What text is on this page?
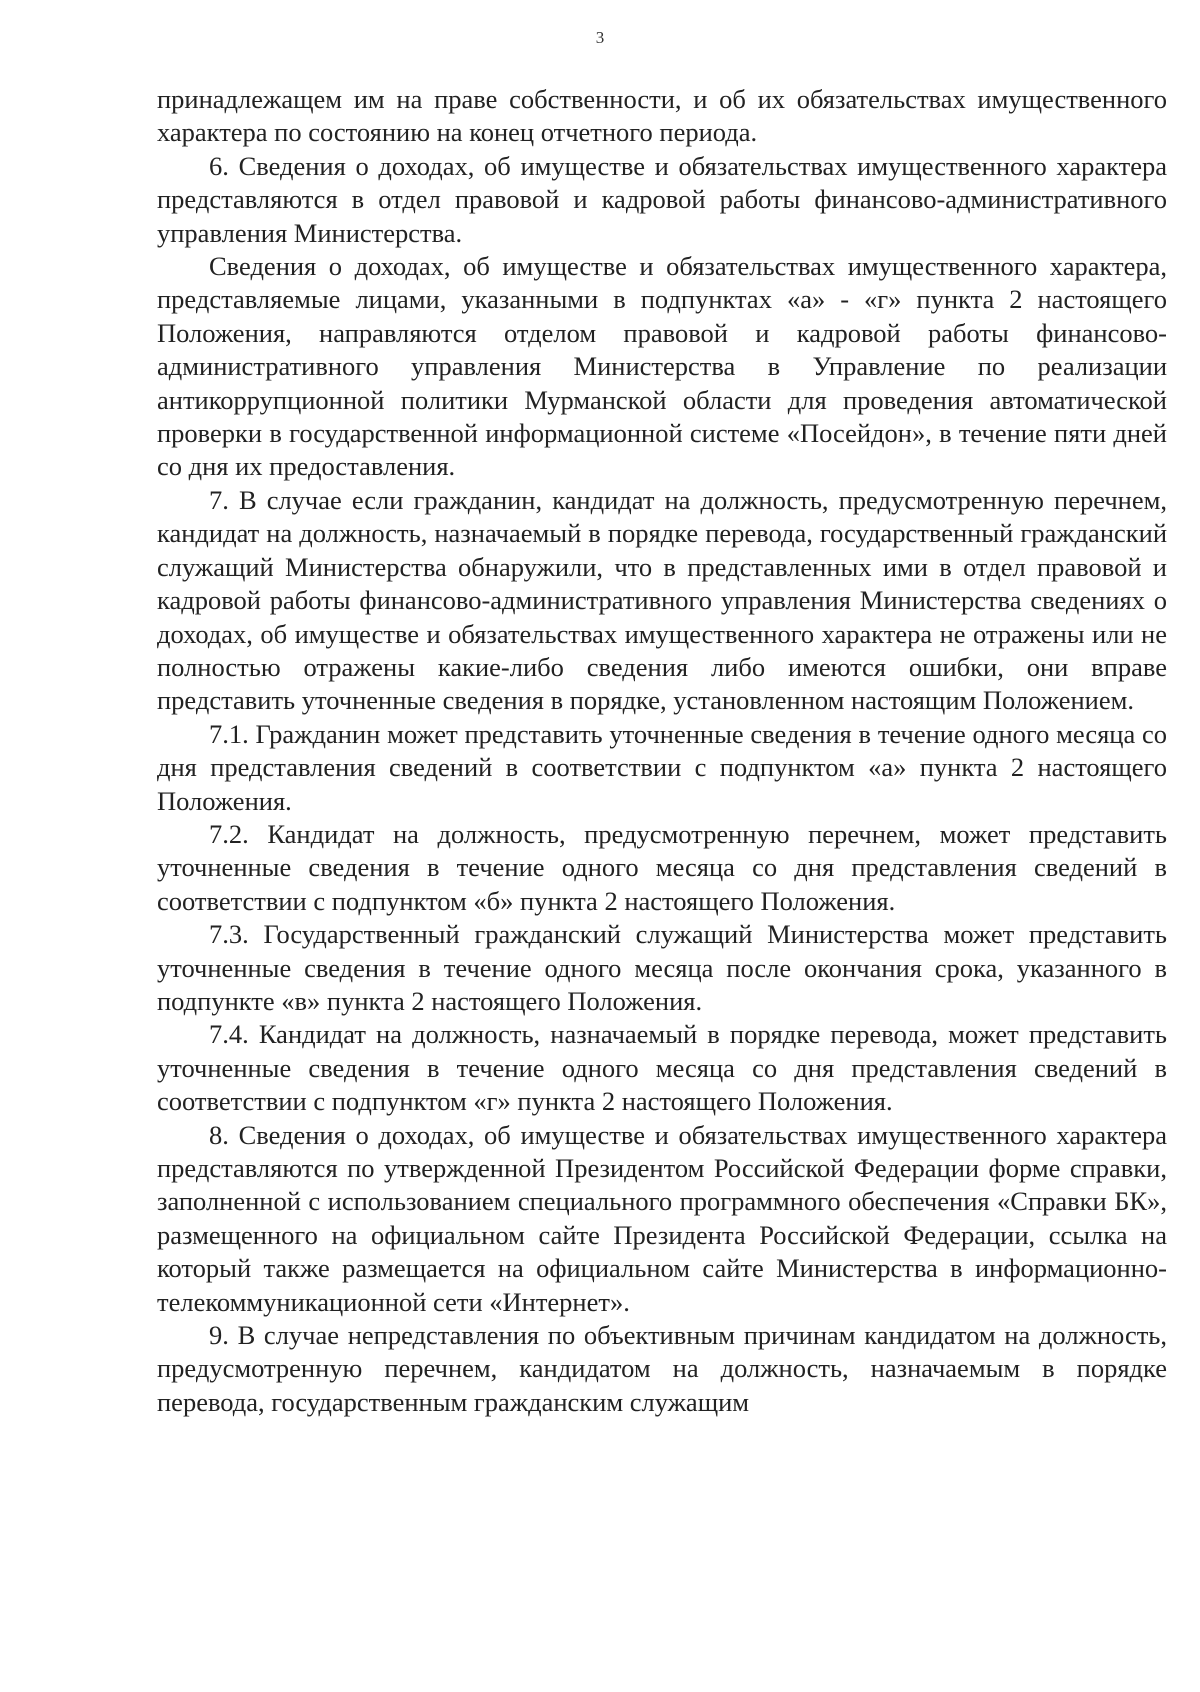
3

принадлежащем им на праве собственности, и об их обязательствах имущественного характера по состоянию на конец отчетного периода.

6. Сведения о доходах, об имуществе и обязательствах имущественного характера представляются в отдел правовой и кадровой работы финансово-административного управления Министерства.

Сведения о доходах, об имуществе и обязательствах имущественного характера, представляемые лицами, указанными в подпунктах «а» - «г» пункта 2 настоящего Положения, направляются отделом правовой и кадровой работы финансово-административного управления Министерства в Управление по реализации антикоррупционной политики Мурманской области для проведения автоматической проверки в государственной информационной системе «Посейдон», в течение пяти дней со дня их предоставления.

7. В случае если гражданин, кандидат на должность, предусмотренную перечнем, кандидат на должность, назначаемый в порядке перевода, государственный гражданский служащий Министерства обнаружили, что в представленных ими в отдел правовой и кадровой работы финансово-административного управления Министерства сведениях о доходах, об имуществе и обязательствах имущественного характера не отражены или не полностью отражены какие-либо сведения либо имеются ошибки, они вправе представить уточненные сведения в порядке, установленном настоящим Положением.

7.1. Гражданин может представить уточненные сведения в течение одного месяца со дня представления сведений в соответствии с подпунктом «а» пункта 2 настоящего Положения.

7.2. Кандидат на должность, предусмотренную перечнем, может представить уточненные сведения в течение одного месяца со дня представления сведений в соответствии с подпунктом «б» пункта 2 настоящего Положения.

7.3. Государственный гражданский служащий Министерства может представить уточненные сведения в течение одного месяца после окончания срока, указанного в подпункте «в» пункта 2 настоящего Положения.

7.4. Кандидат на должность, назначаемый в порядке перевода, может представить уточненные сведения в течение одного месяца со дня представления сведений в соответствии с подпунктом «г» пункта 2 настоящего Положения.

8. Сведения о доходах, об имуществе и обязательствах имущественного характера представляются по утвержденной Президентом Российской Федерации форме справки, заполненной с использованием специального программного обеспечения «Справки БК», размещенного на официальном сайте Президента Российской Федерации, ссылка на который также размещается на официальном сайте Министерства в информационно-телекоммуникационной сети «Интернет».

9. В случае непредставления по объективным причинам кандидатом на должность, предусмотренную перечнем, кандидатом на должность, назначаемым в порядке перевода, государственным гражданским служащим
